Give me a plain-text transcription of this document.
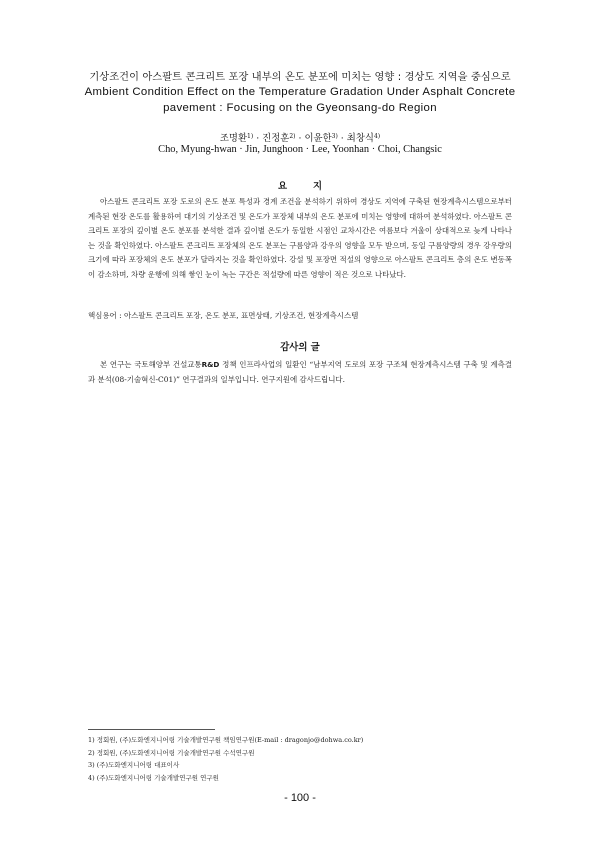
기상조건이 아스팔트 콘크리트 포장 내부의 온도 분포에 미치는 영향 : 경상도 지역을 중심으로
Ambient Condition Effect on the Temperature Gradation Under Asphalt Concrete pavement : Focusing on the Gyeonsang-do Region
조명환$^{1)}$ · 진정훈$^{2)}$ · 이윤한$^{3)}$ · 최창식$^{4)}$
Cho, Myung-hwan · Jin, Junghoon · Lee, Yoonhan · Choi, Changsic
요지
아스팔트 콘크리트 포장 도로의 온도 분포 특성과 경계 조건을 분석하기 위하여 경상도 지역에 구축된 현장계측시스템으로부터 계측된 현장 온도를 활용하여 대기의 기상조건 및 온도가 포장체 내부의 온도 분포에 미치는 영향에 대하여 분석하였다. 아스팔트 콘크리트 포장의 깊이별 온도 분포를 분석한 결과 깊이별 온도가 동일한 시점인 교차시간은 여름보다 겨울이 상대적으로 늦게 나타나는 것을 확인하였다. 아스팔트 콘크리트 포장체의 온도 분포는 구름양과 강우의 영향을 모두 받으며, 동일 구름양량의 경우 강우량의 크기에 따라 포장체의 온도 분포가 달라지는 것을 확인하였다. 강설 및 포장면 적설의 영향으로 아스팔트 콘크리트 층의 온도 변동폭이 감소하며, 차량 운행에 의해 쌓인 눈이 녹는 구간은 적설량에 따른 영향이 적은 것으로 나타났다.
핵심용어 : 아스팔트 콘크리트 포장, 온도 분포, 표면상태, 기상조건, 현장계측시스템
감사의 글
본 연구는 국토해양부 건설교통R&D 정책 인프라사업의 일환인 “남부지역 도로의 포장 구조체 현장계측시스템 구축 및 계측결과 분석(08-기술혁신-C01)” 연구결과의 일부입니다. 연구지원에 감사드립니다.
1) 정회원, (주)도화엔지니어링 기술개발연구원 책임연구원(E-mail : dragonjo@dohwa.co.kr)
2) 정회원, (주)도화엔지니어링 기술개발연구원 수석연구원
3) (주)도화엔지니어링 대표이사
4) (주)도화엔지니어링 기술개발연구원 연구원
- 100 -
